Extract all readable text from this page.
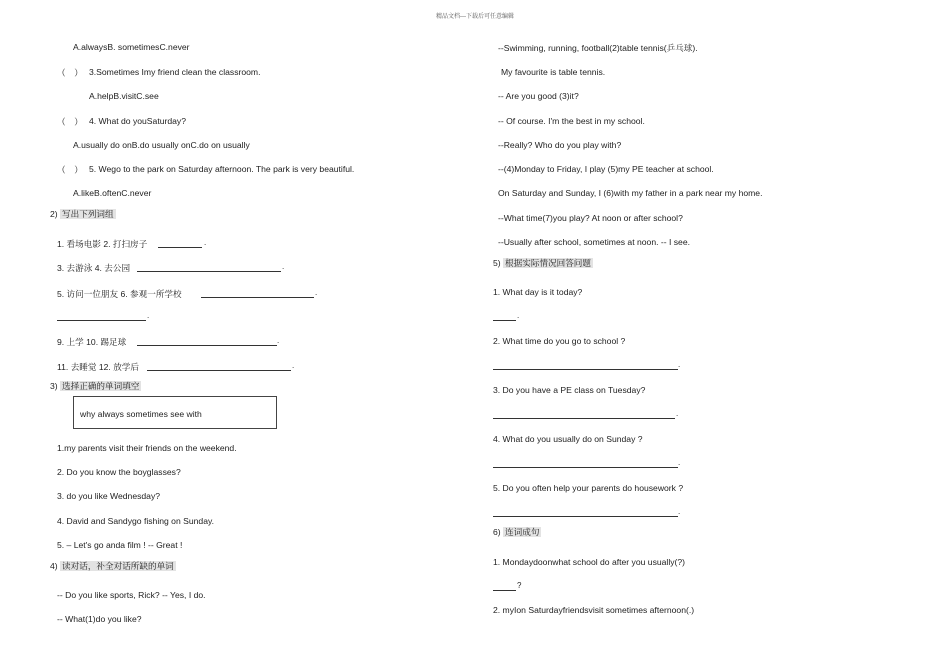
精品文档---下载后可任意编辑
A.alwaysB. sometimesC.never
（　） 3.Sometimes Imy friend clean the classroom.
A.helpB.visitC.see
（　） 4. What do youSaturday?
A.usually do onB.do usually onC.do on usually
（　） 5. Wego to the park on Saturday afternoon. The park is very beautiful.
A.likeB.oftenC.never
2) 写出下列词组
1. 看场电影 2. 打扫房子	.
3. 去游泳 4. 去公园	.
5. 访问一位朋友 6. 参观一所学校	.
.
9. 上学 10. 踢足球	.
11. 去睡觉 12. 放学后	.
3) 选择正确的单词填空
why always sometimes see with
1.my parents visit their friends on the weekend.
2. Do you know the boyglasses?
3. do you like Wednesday?
4. David and Sandygo fishing on Sunday.
5. – Let's go anda film ! -- Great !
4) 读对话，补全对话所缺的单词
-- Do you like sports, Rick? -- Yes, I do.
-- What(1)do you like?
--Swimming, running, football(2)table tennis(乒乓球).
My favourite is table tennis.
-- Are you good (3)it?
-- Of course. I'm the best in my school.
--Really? Who do you play with?
--(4)Monday to Friday, I play (5)my PE teacher at school.
On Saturday and Sunday, I (6)with my father in a park near my home.
--What time(7)you play? At noon or after school?
--Usually after school, sometimes at noon. -- I see.
5) 根据实际情况回答问题
1. What day is it today?
.
2. What time do you go to school ?
.
3. Do you have a PE class on Tuesday?
.
4. What do you usually do on Sunday ?
.
5. Do you often help your parents do housework ?
.
6) 连词成句
1. Mondaydoonwhat school do after you usually(?)
?
2. myIon Saturdayfriendsvisit sometimes afternoon(.)
